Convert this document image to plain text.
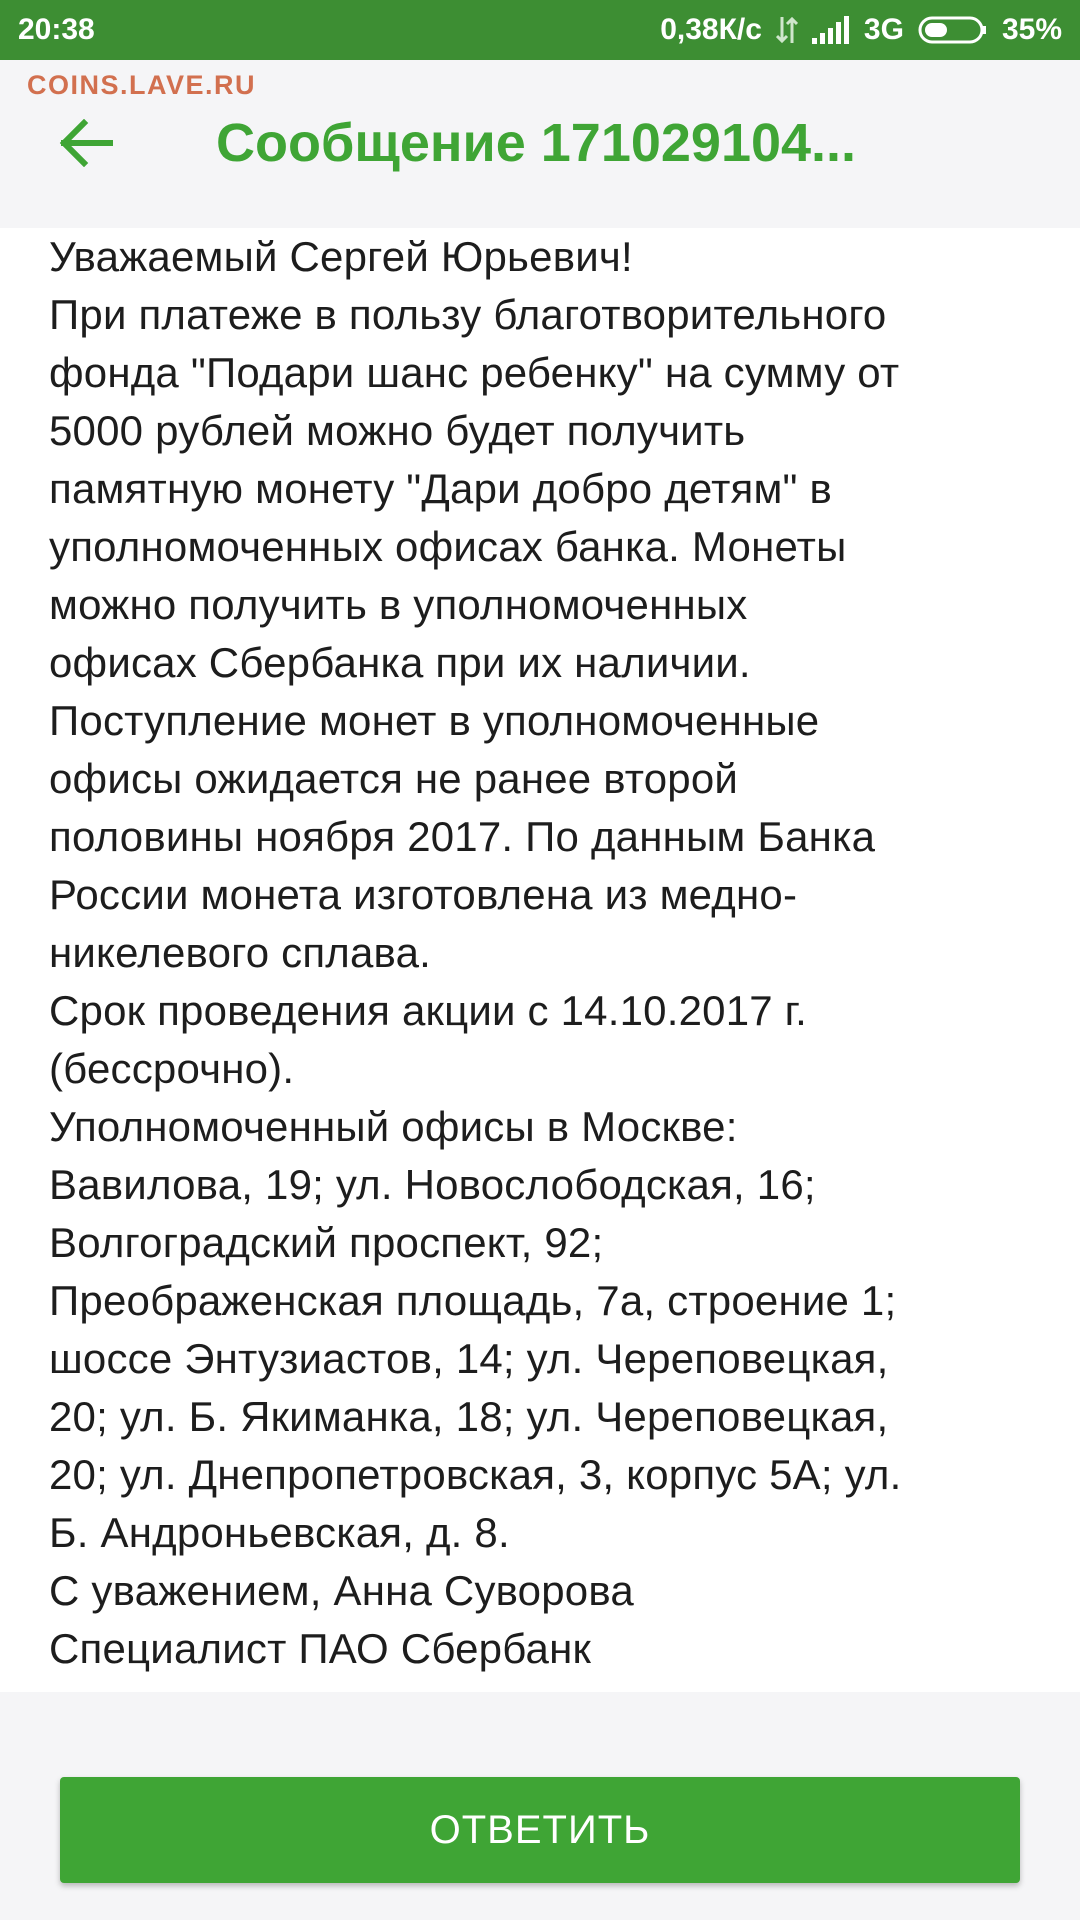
20:38	0,38К/с	3G	35%
COINS.LAVE.RU
Сообщение 171029104...

Уважаемый Сергей Юрьевич!

При платеже в пользу благотворительного

фонда "Подари шанс ребенку" на сумму от

5000 рублей можно будет получить

памятную монету "Дари добро детям" в

уполномоченных офисах банка. Монеты

можно получить в уполномоченных

офисах Сбербанка при их наличии.

Поступление монет в уполномоченные

офисы ожидается не ранее второй

половины ноября 2017. По данным Банка

России монета изготовлена из медно-

никелевого сплава.

Срок проведения акции с 14.10.2017 г.

(бессрочно).

Уполномоченный офисы в Москве:

Вавилова, 19; ул. Новослободская, 16;

Волгоградский проспект, 92;

Преображенская площадь, 7а, строение 1;

шоссе Энтузиастов, 14; ул. Череповецкая,

20; ул. Б. Якиманка, 18; ул. Череповецкая,

20; ул. Днепропетровская, 3, корпус 5А; ул.

Б. Андроньевская, д. 8.

С уважением, Анна Суворова

Специалист ПАО Сбербанк

ОТВЕТИТЬ
